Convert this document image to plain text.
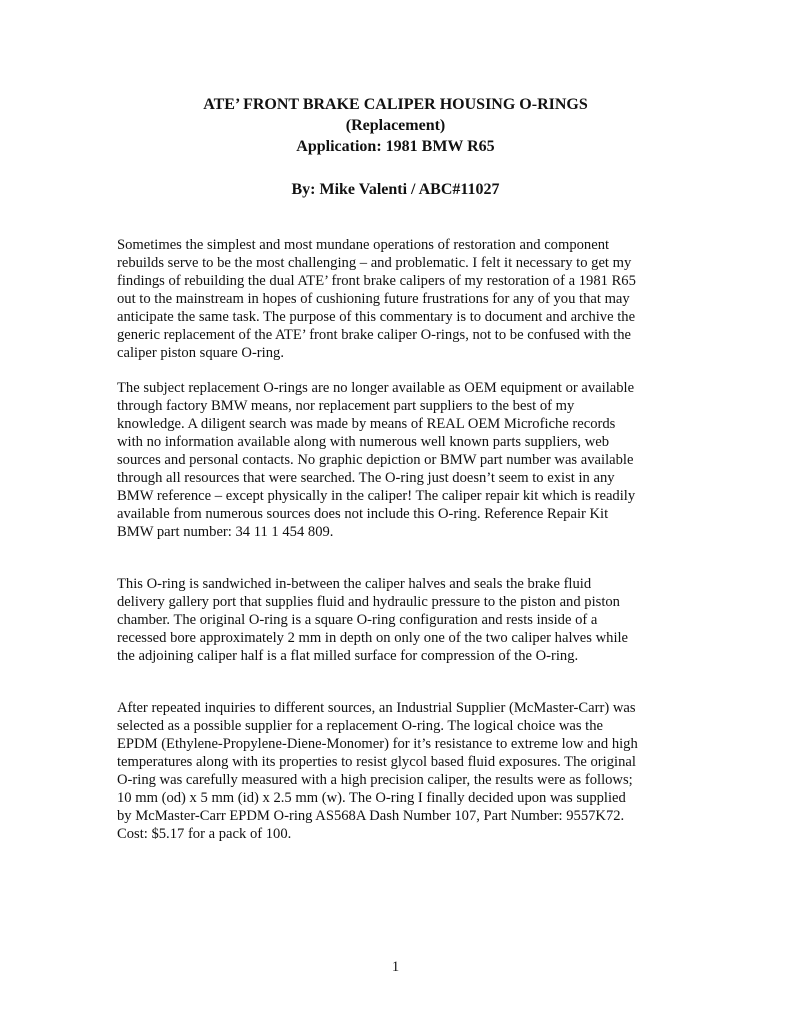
ATE’ FRONT BRAKE CALIPER HOUSING O-RINGS
(Replacement)
Application: 1981 BMW R65
By: Mike Valenti / ABC#11027
Sometimes the simplest and most mundane operations of restoration and component
rebuilds serve to be the most challenging – and problematic. I felt it necessary to get my
findings of rebuilding the dual ATE’ front brake calipers of my restoration of a 1981 R65
out to the mainstream in hopes of cushioning future frustrations for any of you that may
anticipate the same task. The purpose of this commentary is to document and archive the
generic replacement of the ATE’ front brake caliper O-rings, not to be confused with the
caliper piston square O-ring.
The subject replacement O-rings are no longer available as OEM equipment or available
through factory BMW means, nor replacement part suppliers to the best of my
knowledge. A diligent search was made by means of REAL OEM Microfiche records
with no information available along with numerous well known parts suppliers, web
sources and personal contacts. No graphic depiction or BMW part number was available
through all resources that were searched. The O-ring just doesn’t seem to exist in any
BMW reference – except physically in the caliper! The caliper repair kit which is readily
available from numerous sources does not include this O-ring. Reference Repair Kit
BMW part number: 34 11 1 454 809.
This O-ring is sandwiched in-between the caliper halves and seals the brake fluid
delivery gallery port that supplies fluid and hydraulic pressure to the piston and piston
chamber. The original O-ring is a square O-ring configuration and rests inside of a
recessed bore approximately 2 mm in depth on only one of the two caliper halves while
the adjoining caliper half is a flat milled surface for compression of the O-ring.
After repeated inquiries to different sources, an Industrial Supplier (McMaster-Carr) was
selected as a possible supplier for a replacement O-ring. The logical choice was the
EPDM (Ethylene-Propylene-Diene-Monomer) for it’s resistance to extreme low and high
temperatures along with its properties to resist glycol based fluid exposures. The original
O-ring was carefully measured with a high precision caliper, the results were as follows;
10 mm (od) x 5 mm (id) x 2.5 mm (w). The O-ring I finally decided upon was supplied
by McMaster-Carr EPDM O-ring AS568A Dash Number 107, Part Number: 9557K72.
Cost: $5.17 for a pack of 100.
1
